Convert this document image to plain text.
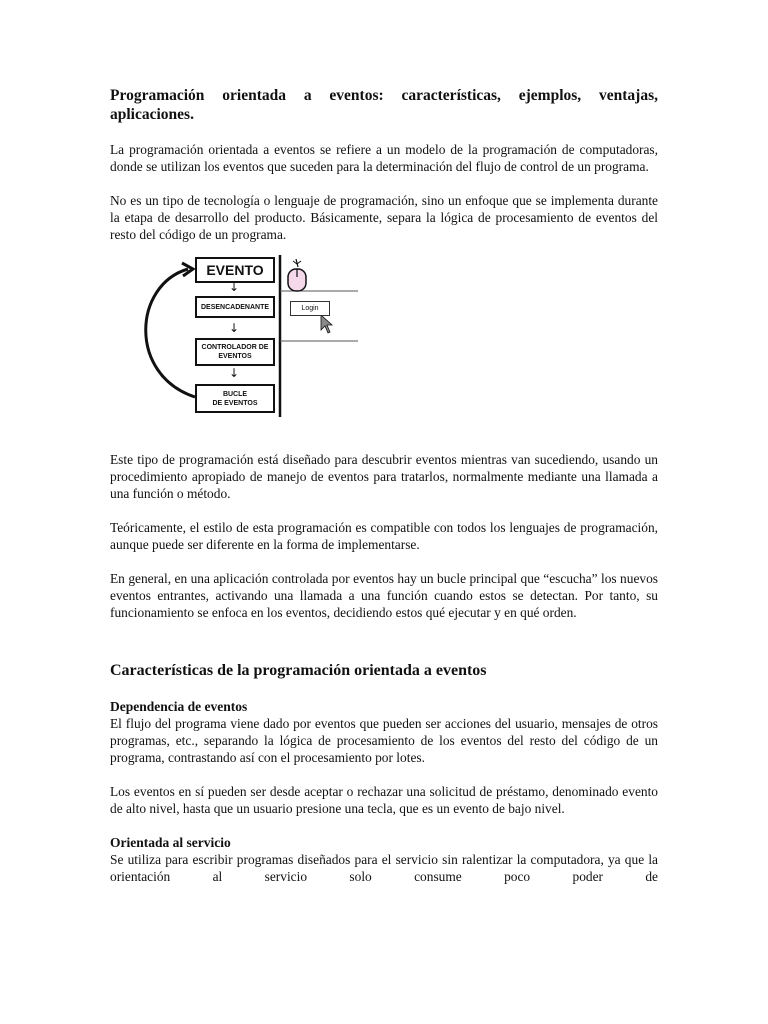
Programación orientada a eventos: características, ejemplos, ventajas, aplicaciones.

La programación orientada a eventos se refiere a un modelo de la programación de computadoras, donde se utilizan los eventos que suceden para la determinación del flujo de control de un programa.

No es un tipo de tecnología o lenguaje de programación, sino un enfoque que se implementa durante la etapa de desarrollo del producto. Básicamente, separa la lógica de procesamiento de eventos del resto del código de un programa.

EVENTO
↓
DESENCADENANTE
↓
CONTROLADOR DE
EVENTOS
↓
BUCLE
DE EVENTOS
Login

Este tipo de programación está diseñado para descubrir eventos mientras van sucediendo, usando un procedimiento apropiado de manejo de eventos para tratarlos, normalmente mediante una llamada a una función o método.

Teóricamente, el estilo de esta programación es compatible con todos los lenguajes de programación, aunque puede ser diferente en la forma de implementarse.

En general, en una aplicación controlada por eventos hay un bucle principal que “escucha” los nuevos eventos entrantes, activando una llamada a una función cuando estos se detectan. Por tanto, su funcionamiento se enfoca en los eventos, decidiendo estos qué ejecutar y en qué orden.

Características de la programación orientada a eventos
Dependencia de eventos

El flujo del programa viene dado por eventos que pueden ser acciones del usuario, mensajes de otros programas, etc., separando la lógica de procesamiento de los eventos del resto del código de un programa, contrastando así con el procesamiento por lotes.

Los eventos en sí pueden ser desde aceptar o rechazar una solicitud de préstamo, denominado evento de alto nivel, hasta que un usuario presione una tecla, que es un evento de bajo nivel.

Orientada al servicio

Se utiliza para escribir programas diseñados para el servicio sin ralentizar la computadora, ya que la orientación al servicio solo consume poco poder de
